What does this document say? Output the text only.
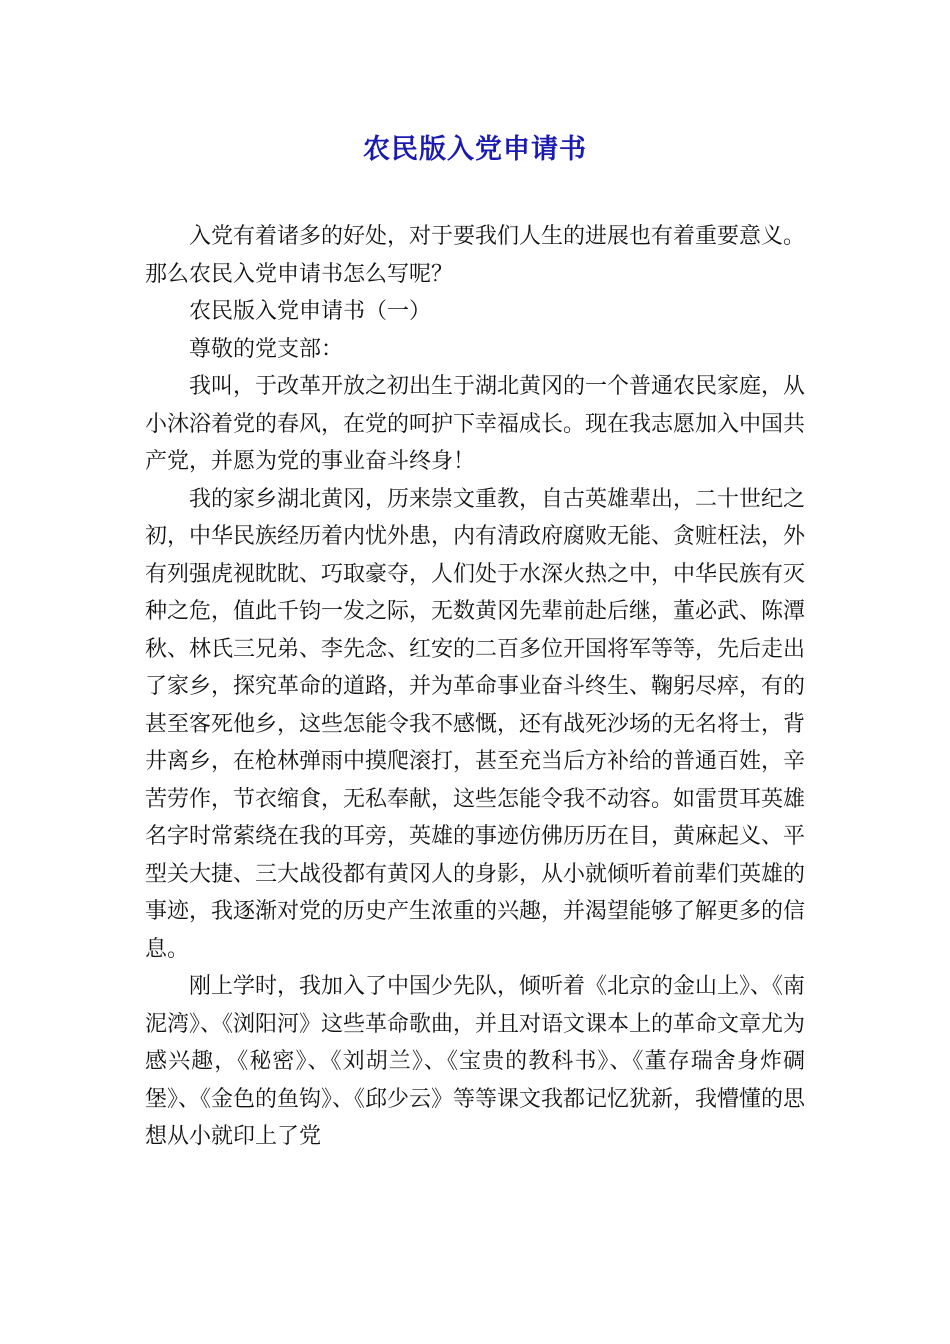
农民版入党申请书

入党有着诸多的好处，对于要我们人生的进展也有着重要意义。那么农民入党申请书怎么写呢？

农民版入党申请书（一）

尊敬的党支部：

我叫，于改革开放之初出生于湖北黄冈的一个普通农民家庭，从小沐浴着党的春风，在党的呵护下幸福成长。现在我志愿加入中国共产党，并愿为党的事业奋斗终身！

我的家乡湖北黄冈，历来崇文重教，自古英雄辈出，二十世纪之初，中华民族经历着内忧外患，内有清政府腐败无能、贪赃枉法，外有列强虎视眈眈、巧取豪夺，人们处于水深火热之中，中华民族有灭种之危，值此千钧一发之际，无数黄冈先辈前赴后继，董必武、陈潭秋、林氏三兄弟、李先念、红安的二百多位开国将军等等，先后走出了家乡，探究革命的道路，并为革命事业奋斗终生、鞠躬尽瘁，有的甚至客死他乡，这些怎能令我不感慨，还有战死沙场的无名将士，背井离乡，在枪林弹雨中摸爬滚打，甚至充当后方补给的普通百姓，辛苦劳作，节衣缩食，无私奉献，这些怎能令我不动容。如雷贯耳英雄名字时常萦绕在我的耳旁，英雄的事迹仿佛历历在目，黄麻起义、平型关大捷、三大战役都有黄冈人的身影，从小就倾听着前辈们英雄的事迹，我逐渐对党的历史产生浓重的兴趣，并渴望能够了解更多的信息。

刚上学时，我加入了中国少先队，倾听着《北京的金山上》、《南泥湾》、《浏阳河》这些革命歌曲，并且对语文课本上的革命文章尤为感兴趣，《秘密》、《刘胡兰》、《宝贵的教科书》、《董存瑞舍身炸碉堡》、《金色的鱼钩》、《邱少云》等等课文我都记忆犹新，我懵懂的思想从小就印上了党
